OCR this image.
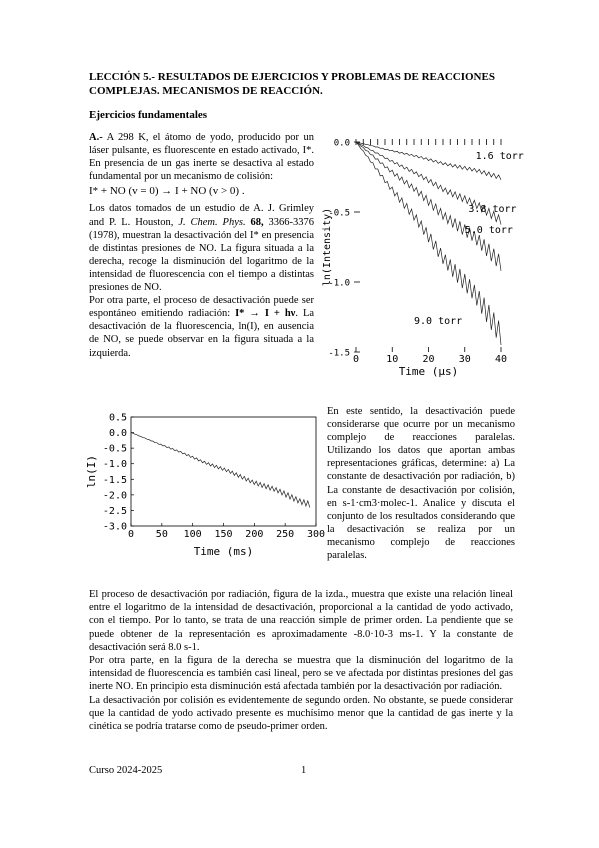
LECCIÓN 5.- RESULTADOS DE EJERCICIOS Y PROBLEMAS DE REACCIONES COMPLEJAS. MECANISMOS DE REACCIÓN.
Ejercicios fundamentales

A.- A 298 K, el átomo de yodo, producido por un láser pulsante, es fluorescente en estado activado, I*. En presencia de un gas inerte se desactiva al estado fundamental por un mecanismo de colisión:

I* + NO (v = 0) → I + NO (v > 0) .

Los datos tomados de un estudio de A. J. Grimley and P. L. Houston, J. Chem. Phys. 68, 3366-3376 (1978), muestran la desactivación del I* en presencia de distintas presiones de NO. La figura situada a la derecha, recoge la disminución del logaritmo de la intensidad de fluorescencia con el tiempo a distintas presiones de NO.

Por otra parte, el proceso de desactivación puede ser espontáneo emitiendo radiación: I* → I + hν. La desactivación de la fluorescencia, ln(I), en ausencia de NO, se puede observar en la figura situada a la izquierda.

0	10 20 30 40
0.0
-0.5
-1.0
-1.5
Time (μs)
ln(Intensity)
1.6 torr
3.8 torr
5.0 torr
9.0 torr
0 50 100 150 200 250 300
0.5
0.0
-0.5
-1.0
-1.5
-2.0
-2.5
-3.0
Time (ms)
ln(I)

En este sentido, la desactivación puede considerarse que ocurre por un mecanismo complejo de reacciones paralelas. Utilizando los datos que aportan ambas representaciones gráficas, determine: a) La constante de desactivación por radiación, b) La constante de desactivación por colisión, en s-1·cm3·molec-1. Analice y discuta el conjunto de los resultados considerando que la desactivación se realiza por un mecanismo complejo de reacciones paralelas.

El proceso de desactivación por radiación, figura de la izda., muestra que existe una relación lineal entre el logaritmo de la intensidad de desactivación, proporcional a la cantidad de yodo activado, con el tiempo. Por lo tanto, se trata de una reacción simple de primer orden. La pendiente que se puede obtener de la representación es aproximadamente -8.0·10-3 ms-1. Y la constante de desactivación será 8.0 s-1.

Por otra parte, en la figura de la derecha se muestra que la disminución del logaritmo de la intensidad de fluorescencia es también casi lineal, pero se ve afectada por distintas presiones del gas inerte NO. En principio esta disminución está afectada también por la desactivación por radiación.

La desactivación por colisión es evidentemente de segundo orden. No obstante, se puede considerar que la cantidad de yodo activado presente es muchísimo menor que la cantidad de gas inerte y la cinética se podría tratarse como de pseudo-primer orden.

Curso 2024-2025	1
